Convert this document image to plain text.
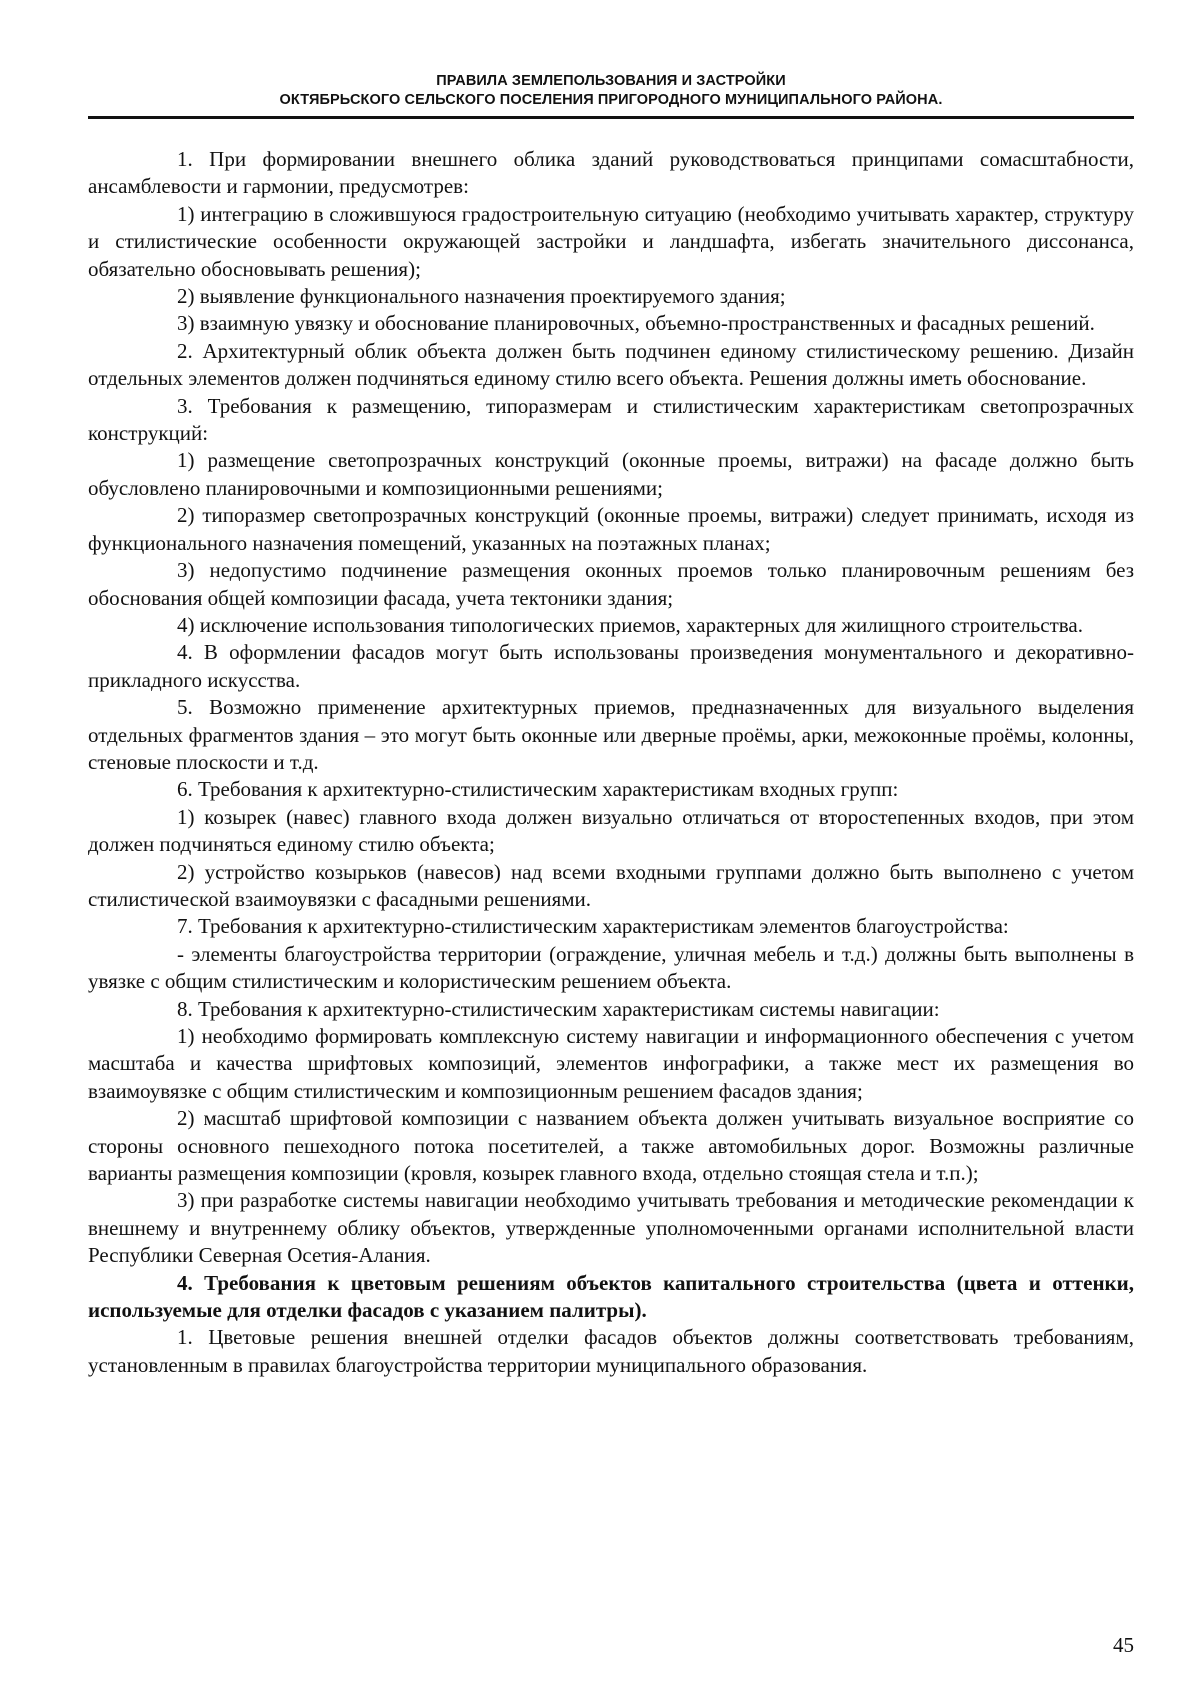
ПРАВИЛА ЗЕМЛЕПОЛЬЗОВАНИЯ И ЗАСТРОЙКИ
ОКТЯБРЬСКОГО СЕЛЬСКОГО ПОСЕЛЕНИЯ ПРИГОРОДНОГО МУНИЦИПАЛЬНОГО РАЙОНА.

1. При формировании внешнего облика зданий руководствоваться принципами сомасштабности, ансамблевости и гармонии, предусмотрев:

1) интеграцию в сложившуюся градостроительную ситуацию (необходимо учитывать характер, структуру и стилистические особенности окружающей застройки и ландшафта, избегать значительного диссонанса, обязательно обосновывать решения);

2) выявление функционального назначения проектируемого здания;

3) взаимную увязку и обоснование планировочных, объемно-пространственных и фасадных решений.

2. Архитектурный облик объекта должен быть подчинен единому стилистическому решению. Дизайн отдельных элементов должен подчиняться единому стилю всего объекта. Решения должны иметь обоснование.

3. Требования к размещению, типоразмерам и стилистическим характеристикам светопрозрачных конструкций:

1) размещение светопрозрачных конструкций (оконные проемы, витражи) на фасаде должно быть обусловлено планировочными и композиционными решениями;

2) типоразмер светопрозрачных конструкций (оконные проемы, витражи) следует принимать, исходя из функционального назначения помещений, указанных на поэтажных планах;

3) недопустимо подчинение размещения оконных проемов только планировочным решениям без обоснования общей композиции фасада, учета тектоники здания;

4) исключение использования типологических приемов, характерных для жилищного строительства.

4. В оформлении фасадов могут быть использованы произведения монументального и декоративно-прикладного искусства.

5. Возможно применение архитектурных приемов, предназначенных для визуального выделения отдельных фрагментов здания – это могут быть оконные или дверные проёмы, арки, межоконные проёмы, колонны, стеновые плоскости и т.д.

6. Требования к архитектурно-стилистическим характеристикам входных групп:

1) козырек (навес) главного входа должен визуально отличаться от второстепенных входов, при этом должен подчиняться единому стилю объекта;

2) устройство козырьков (навесов) над всеми входными группами должно быть выполнено с учетом стилистической взаимоувязки с фасадными решениями.

7. Требования к архитектурно-стилистическим характеристикам элементов благоустройства:

- элементы благоустройства территории (ограждение, уличная мебель и т.д.) должны быть выполнены в увязке с общим стилистическим и колористическим решением объекта.

8. Требования к архитектурно-стилистическим характеристикам системы навигации:

1) необходимо формировать комплексную систему навигации и информационного обеспечения с учетом масштаба и качества шрифтовых композиций, элементов инфографики, а также мест их размещения во взаимоувязке с общим стилистическим и композиционным решением фасадов здания;

2) масштаб шрифтовой композиции с названием объекта должен учитывать визуальное восприятие со стороны основного пешеходного потока посетителей, а также автомобильных дорог. Возможны различные варианты размещения композиции (кровля, козырек главного входа, отдельно стоящая стела и т.п.);

3) при разработке системы навигации необходимо учитывать требования и методические рекомендации к внешнему и внутреннему облику объектов, утвержденные уполномоченными органами исполнительной власти Республики Северная Осетия-Алания.

4. Требования к цветовым решениям объектов капитального строительства (цвета и оттенки, используемые для отделки фасадов с указанием палитры).

1. Цветовые решения внешней отделки фасадов объектов должны соответствовать требованиям, установленным в правилах благоустройства территории муниципального образования.

45
